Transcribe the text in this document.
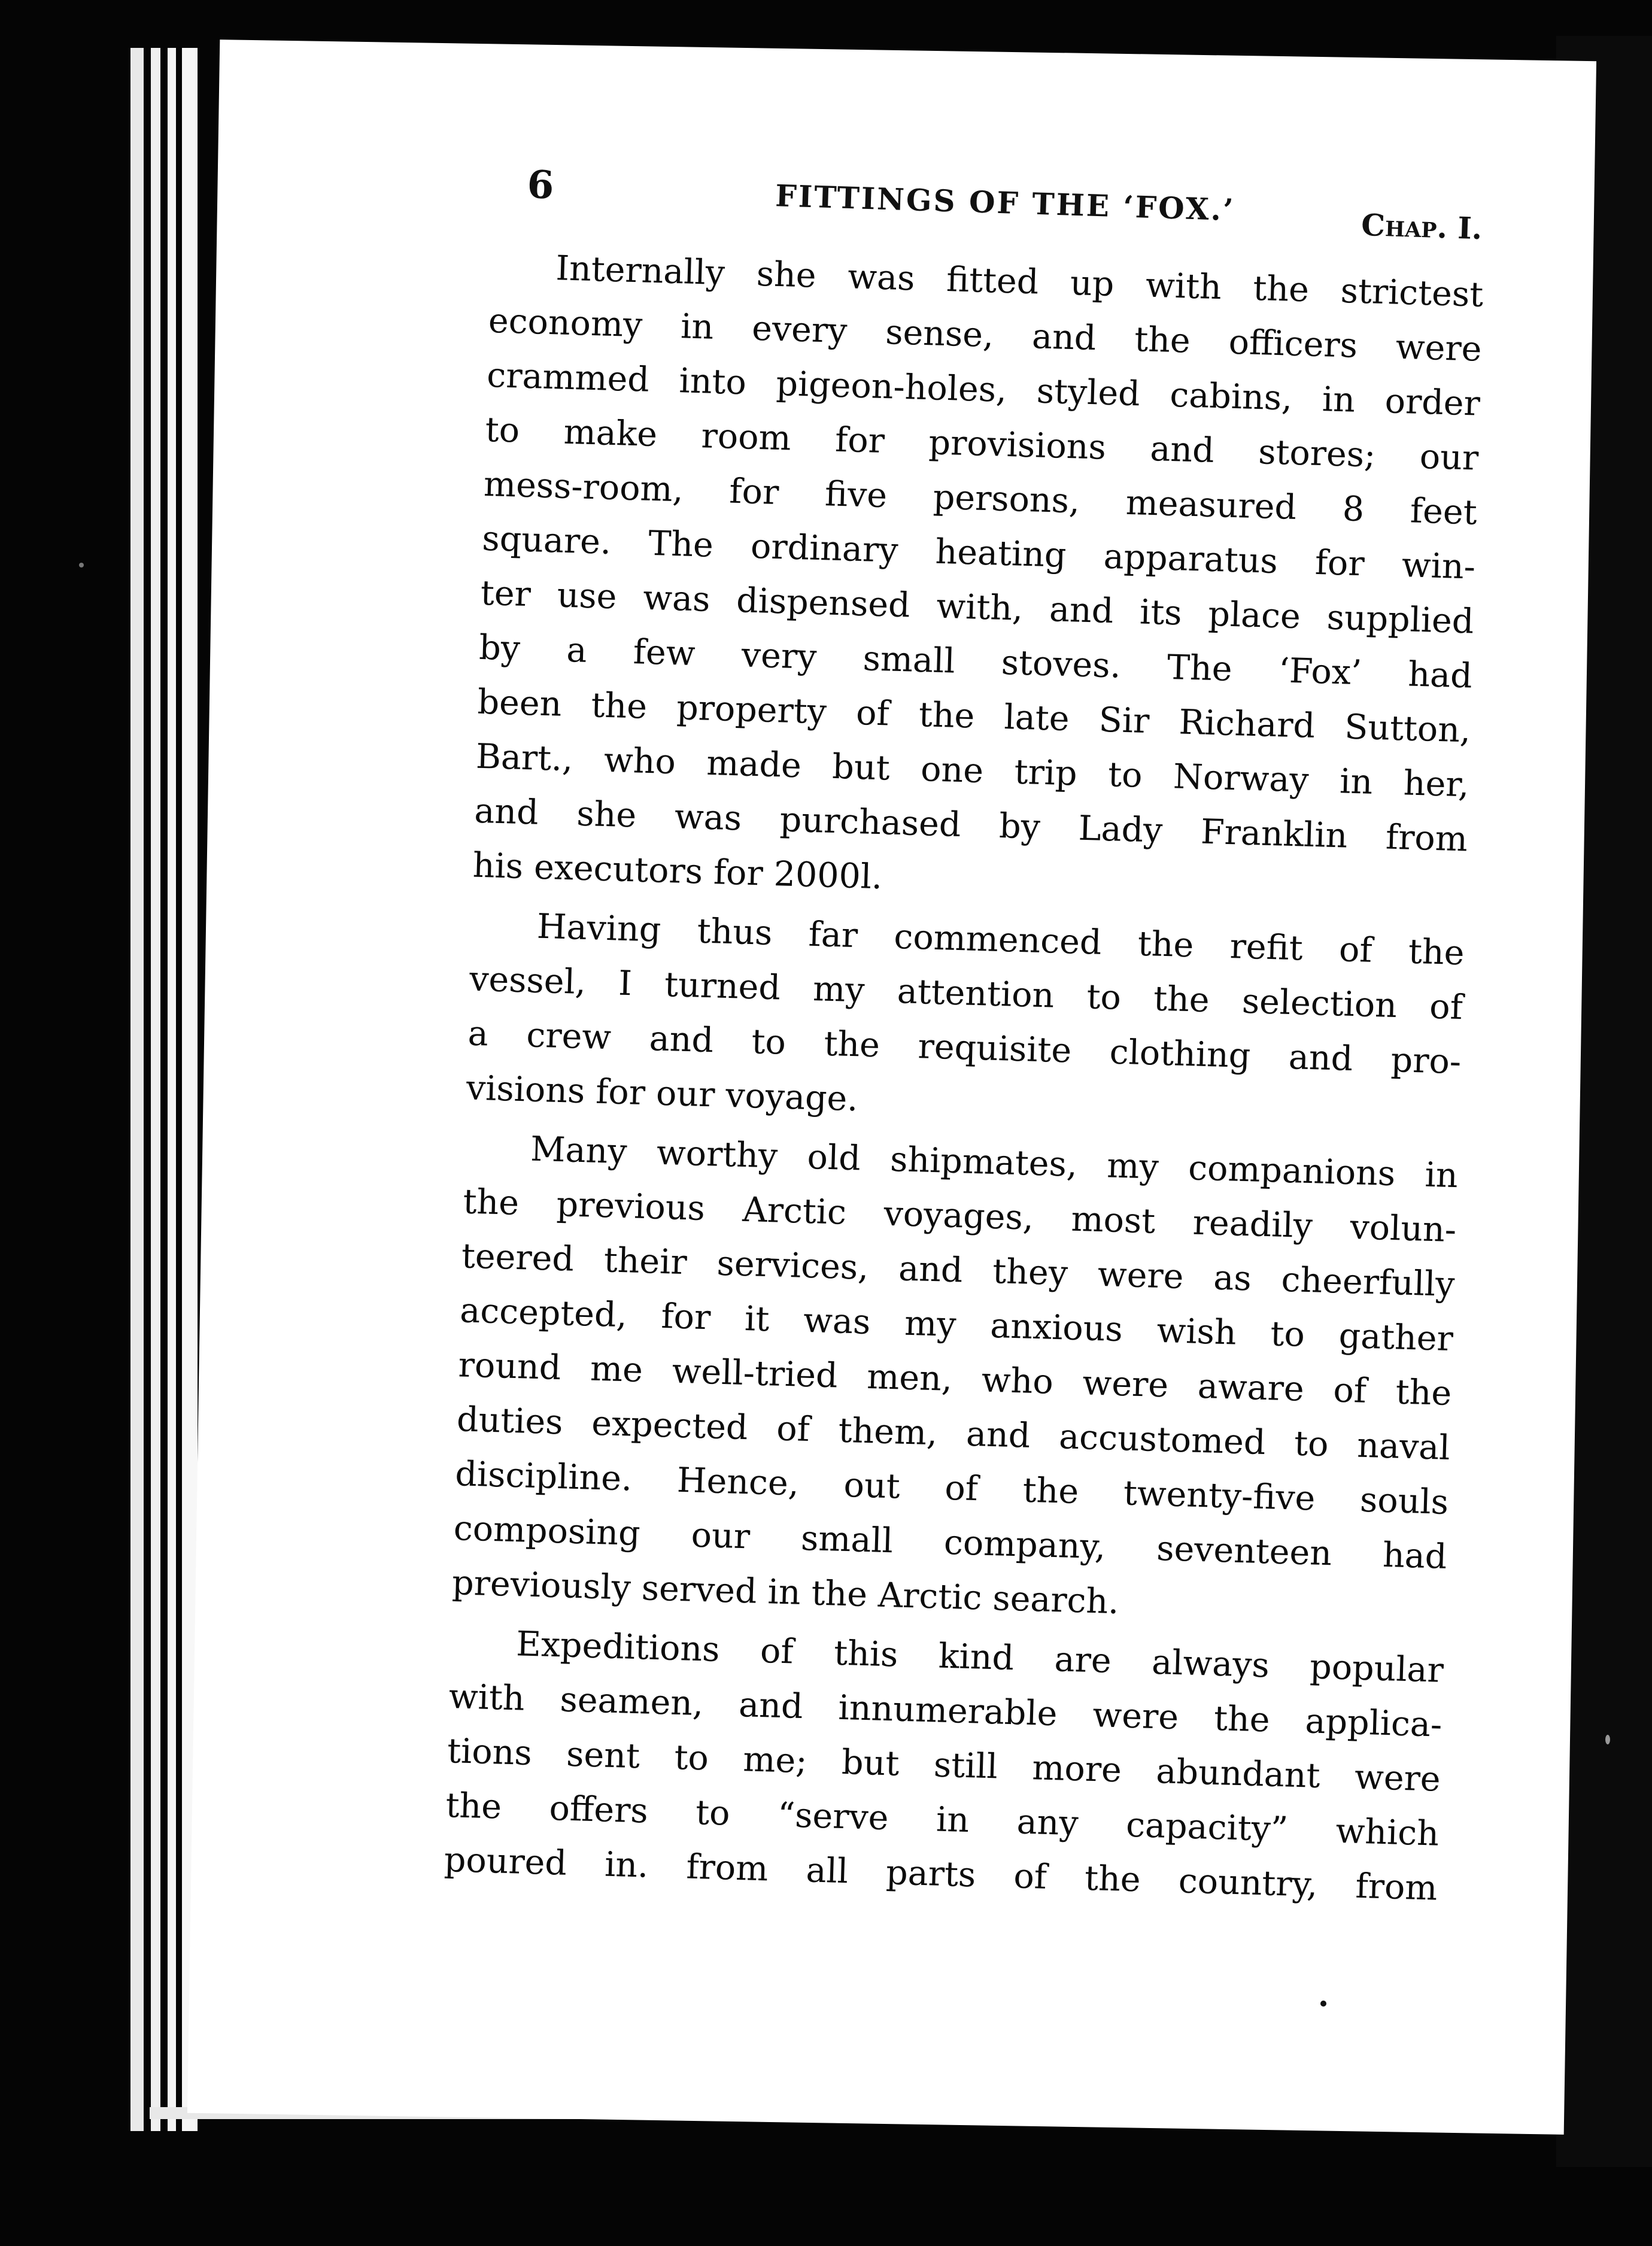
6	FITTINGS OF THE ‘FOX.’	Chap. I.

Internally she was fitted up with the strictest
economy in every sense, and the officers were
crammed into pigeon-holes, styled cabins, in order
to make room for provisions and stores; our
mess-room, for five persons, measured 8 feet
square. The ordinary heating apparatus for win-
ter use was dispensed with, and its place supplied
by a few very small stoves. The ‘Fox’ had
been the property of the late Sir Richard Sutton,
Bart., who made but one trip to Norway in her,
and she was purchased by Lady Franklin from
his executors for 2000l.

Having thus far commenced the refit of the
vessel, I turned my attention to the selection of
a crew and to the requisite clothing and pro-
visions for our voyage.

Many worthy old shipmates, my companions in
the previous Arctic voyages, most readily volun-
teered their services, and they were as cheerfully
accepted, for it was my anxious wish to gather
round me well-tried men, who were aware of the
duties expected of them, and accustomed to naval
discipline. Hence, out of the twenty-five souls
composing our small company, seventeen had
previously served in the Arctic search.

Expeditions of this kind are always popular
with seamen, and innumerable were the applica-
tions sent to me; but still more abundant were
the offers to “serve in any capacity” which
poured in. from all parts of the country, from
